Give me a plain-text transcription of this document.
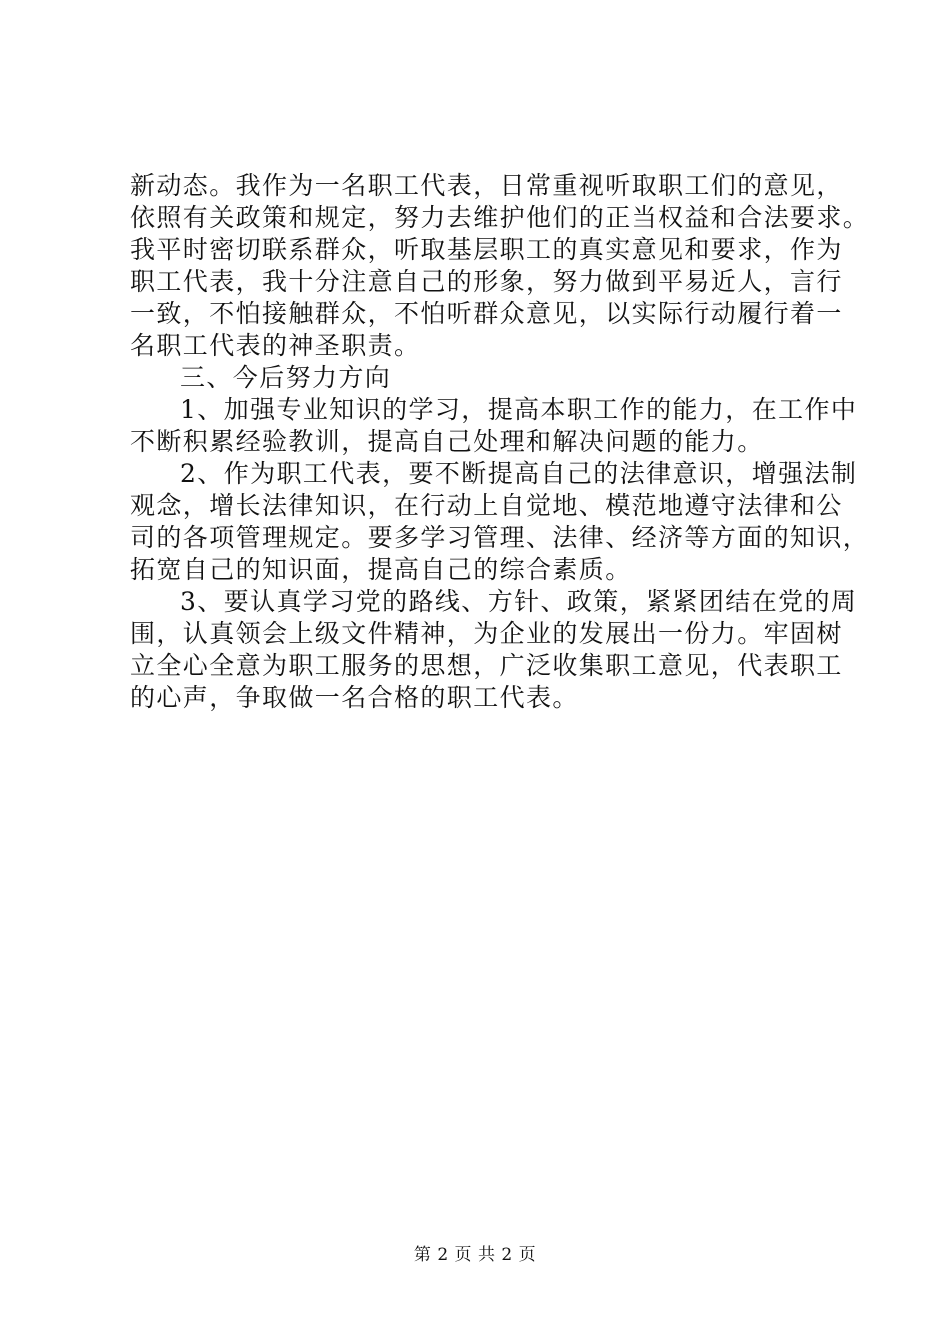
新动态。我作为一名职工代表，日常重视听取职工们的意见，
依照有关政策和规定，努力去维护他们的正当权益和合法要求。
我平时密切联系群众，听取基层职工的真实意见和要求，作为
职工代表，我十分注意自己的形象，努力做到平易近人，言行
一致，不怕接触群众，不怕听群众意见，以实际行动履行着一
名职工代表的神圣职责。
三、今后努力方向
1、加强专业知识的学习，提高本职工作的能力，在工作中
不断积累经验教训，提高自己处理和解决问题的能力。
2、作为职工代表，要不断提高自己的法律意识，增强法制
观念，增长法律知识，在行动上自觉地、模范地遵守法律和公
司的各项管理规定。要多学习管理、法律、经济等方面的知识，
拓宽自己的知识面，提高自己的综合素质。
3、要认真学习党的路线、方针、政策，紧紧团结在党的周
围，认真领会上级文件精神，为企业的发展出一份力。牢固树
立全心全意为职工服务的思想，广泛收集职工意见，代表职工
的心声，争取做一名合格的职工代表。
第 2 页 共 2 页
